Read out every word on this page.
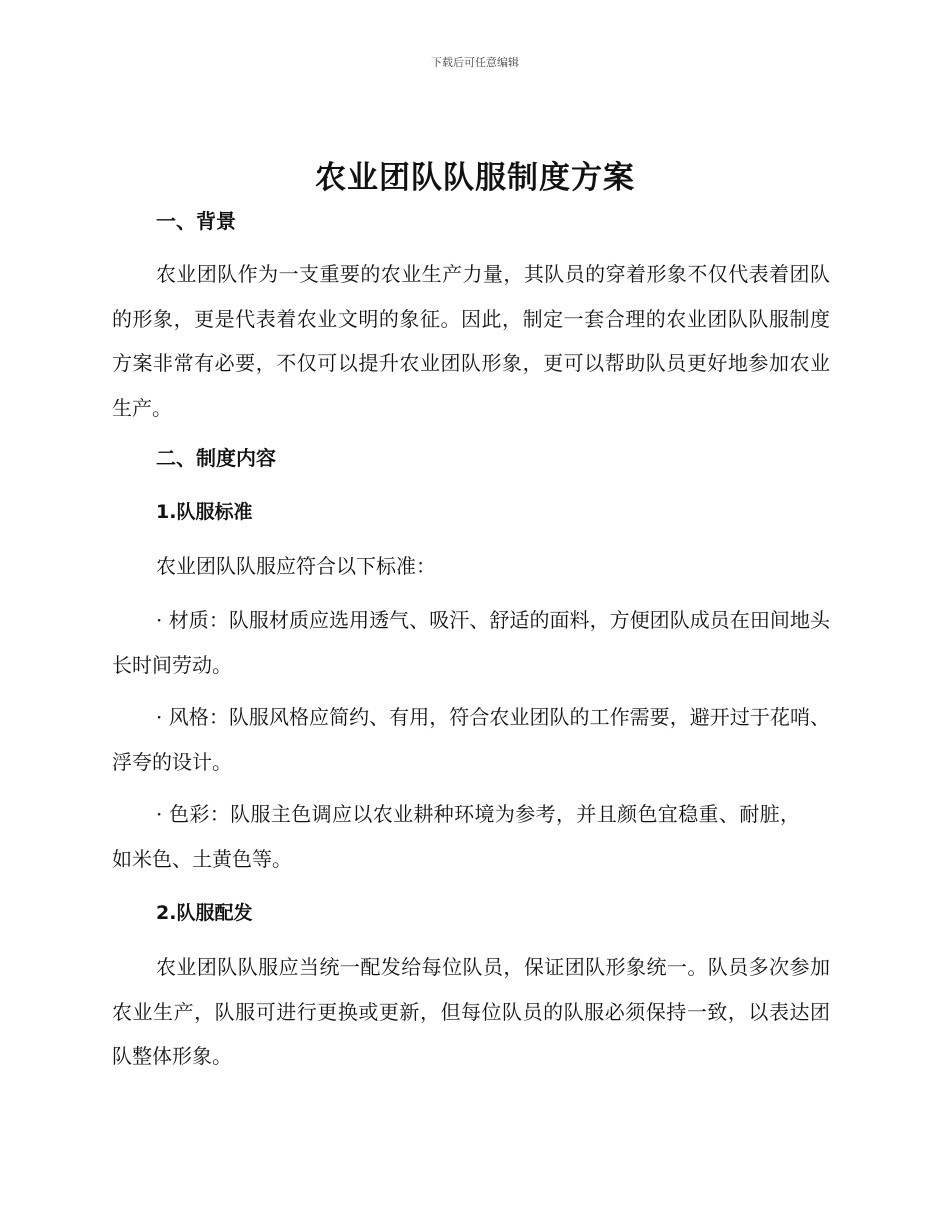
下载后可任意编辑
农业团队队服制度方案
一、背景

农业团队作为一支重要的农业生产力量，其队员的穿着形象不仅代表着团队的形象，更是代表着农业文明的象征。因此，制定一套合理的农业团队队服制度方案非常有必要，不仅可以提升农业团队形象，更可以帮助队员更好地参加农业生产。

二、制度内容
1.队服标准

农业团队队服应符合以下标准：

· 材质：队服材质应选用透气、吸汗、舒适的面料，方便团队成员在田间地头长时间劳动。

· 风格：队服风格应简约、有用，符合农业团队的工作需要，避开过于花哨、浮夸的设计。

· 色彩：队服主色调应以农业耕种环境为参考，并且颜色宜稳重、耐脏，如米色、土黄色等。

2.队服配发

农业团队队服应当统一配发给每位队员，保证团队形象统一。队员多次参加农业生产，队服可进行更换或更新，但每位队员的队服必须保持一致，以表达团队整体形象。
